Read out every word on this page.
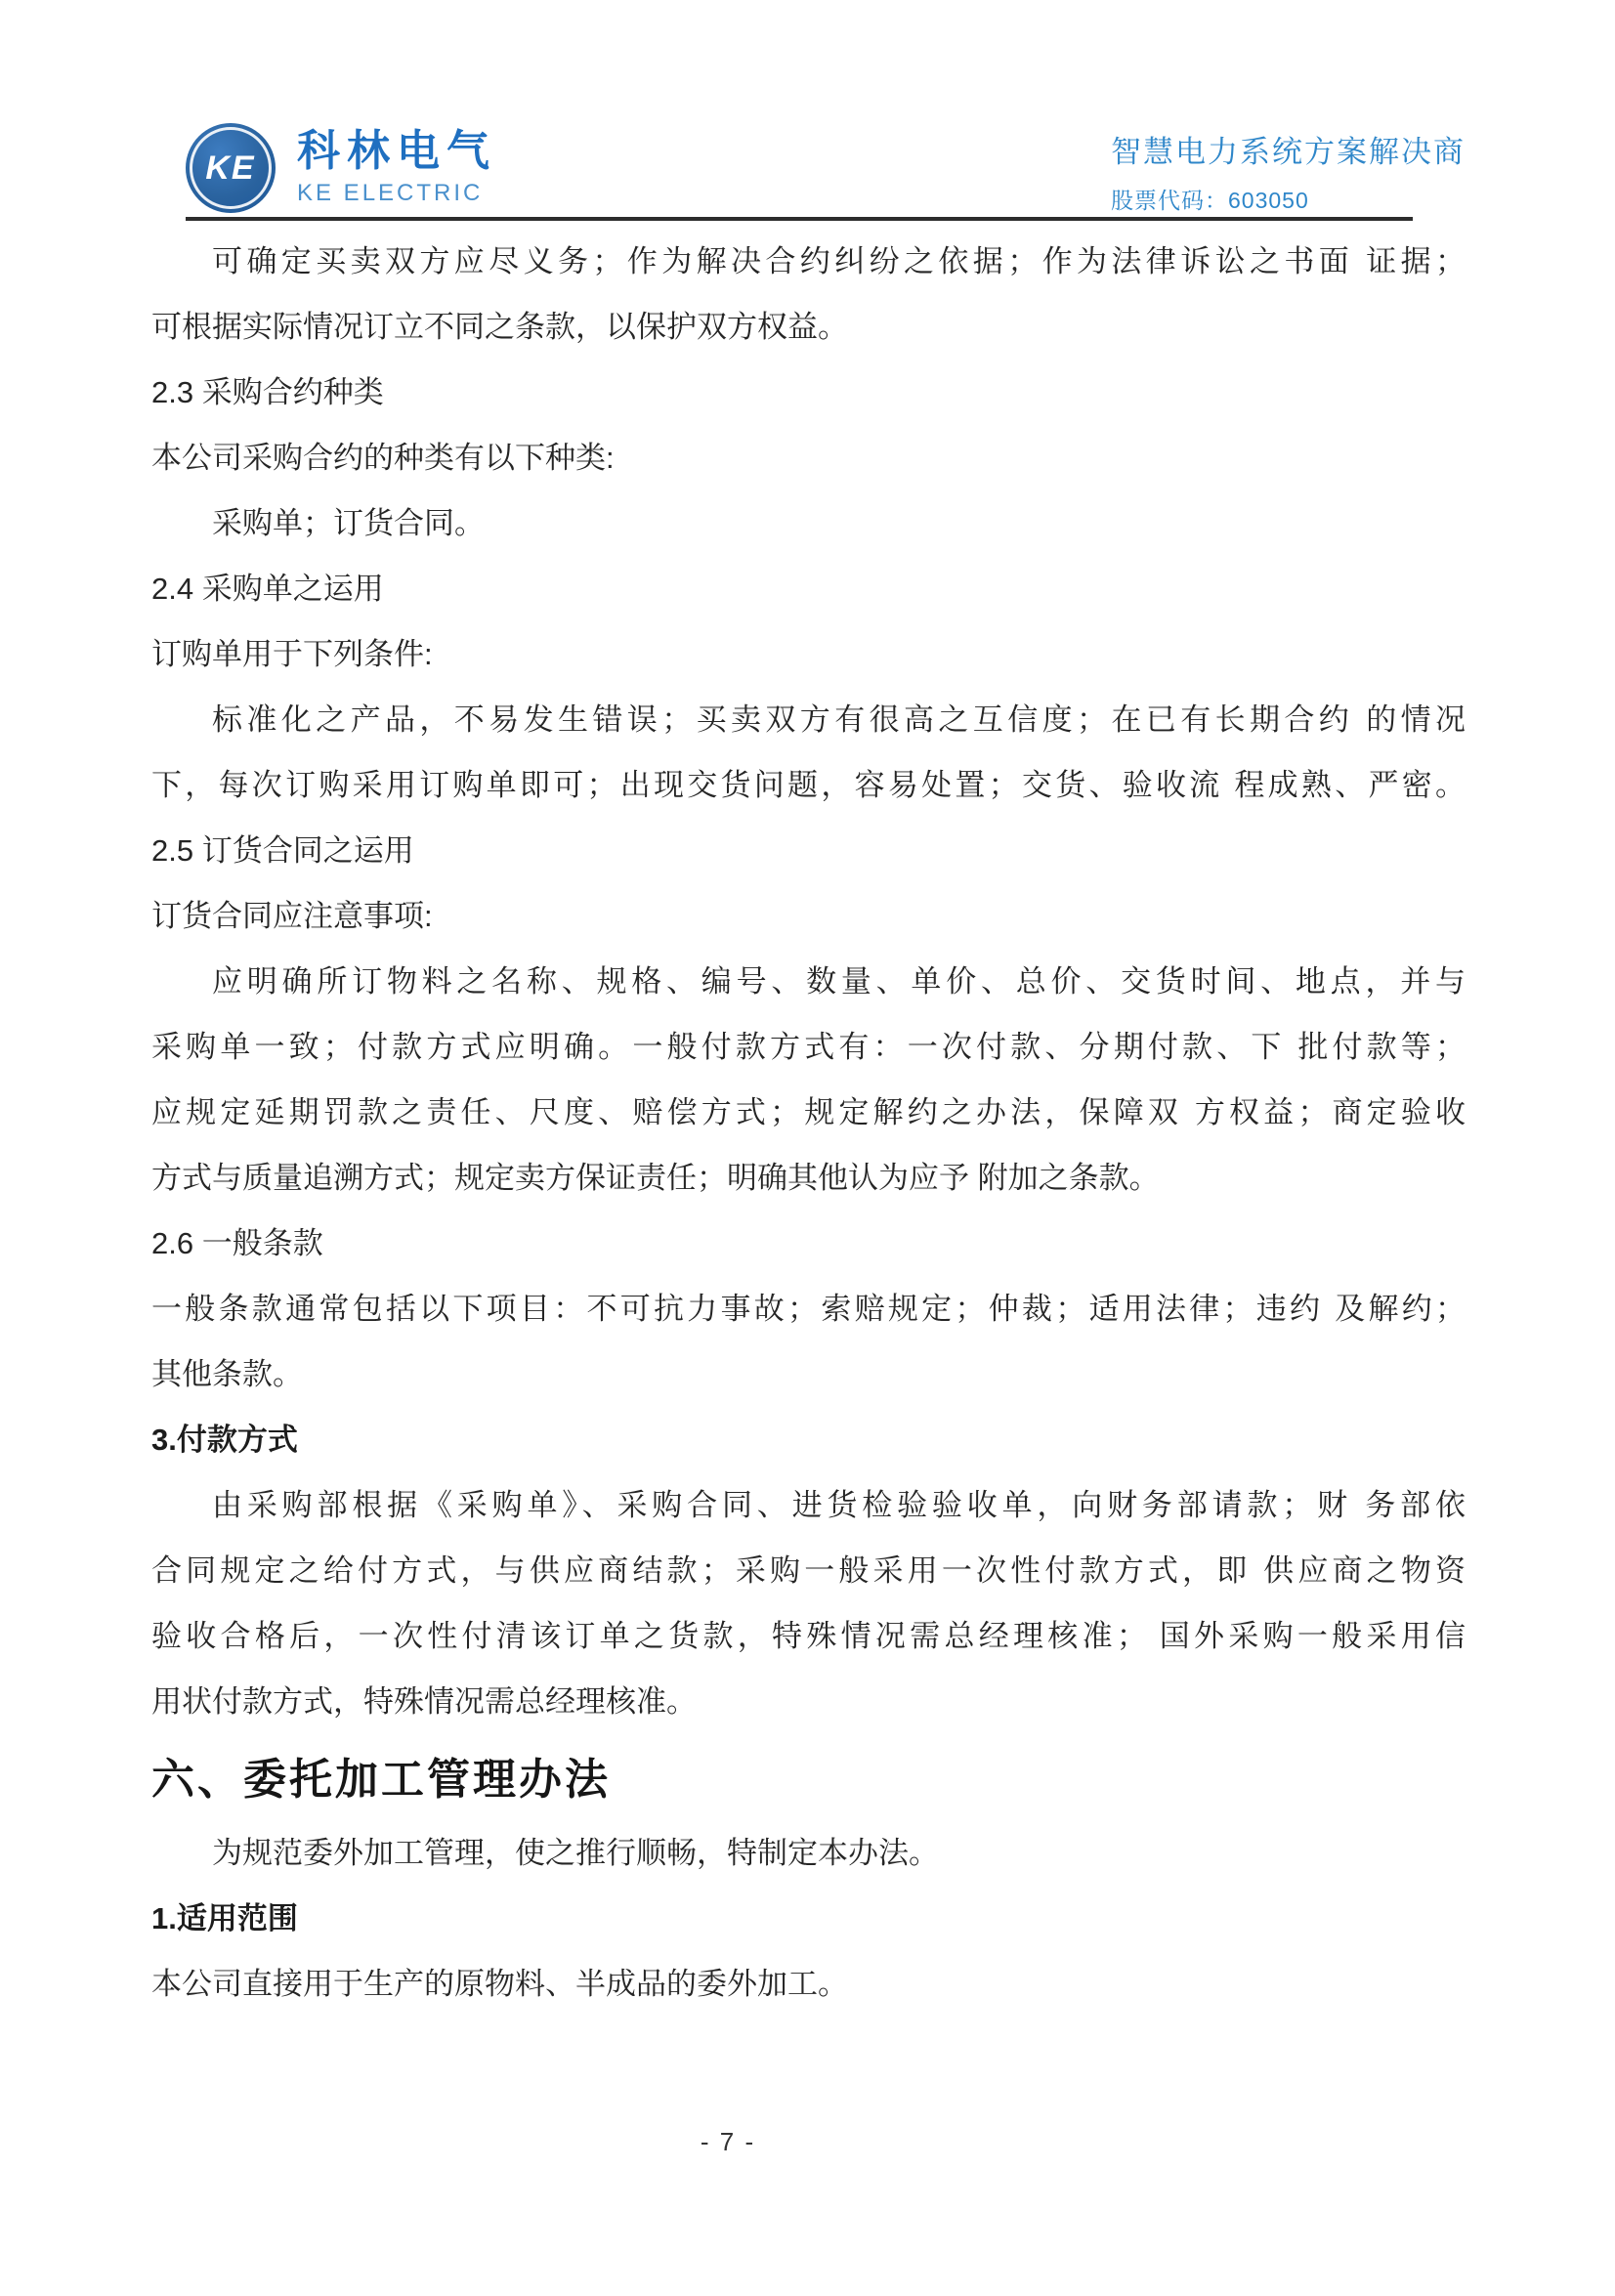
KE 科林电气
KE ELECTRIC
智慧电力系统方案解决商
股票代码：603050
可确定买卖双方应尽义务；作为解决合约纠纷之依据；作为法律诉讼之书面 证据；
可根据实际情况订立不同之条款，以保护双方权益。
2.3 采购合约种类
本公司采购合约的种类有以下种类:
采购单；订货合同。
2.4 采购单之运用
订购单用于下列条件:
标准化之产品，不易发生错误；买卖双方有很高之互信度；在已有长期合约 的情况
下，每次订购采用订购单即可；出现交货问题，容易处置；交货、验收流 程成熟、严密。
2.5 订货合同之运用
订货合同应注意事项:
应明确所订物料之名称、规格、编号、数量、单价、总价、交货时间、地点，并与
采购单一致；付款方式应明确。一般付款方式有：一次付款、分期付款、下 批付款等；
应规定延期罚款之责任、尺度、赔偿方式；规定解约之办法，保障双 方权益；商定验收
方式与质量追溯方式；规定卖方保证责任；明确其他认为应予 附加之条款。
2.6 一般条款
一般条款通常包括以下项目：不可抗力事故；索赔规定；仲裁；适用法律；违约 及解约；
其他条款。
3.付款方式
由采购部根据《采购单》、采购合同、进货检验验收单，向财务部请款；财 务部依
合同规定之给付方式，与供应商结款；采购一般采用一次性付款方式，即 供应商之物资
验收合格后，一次性付清该订单之货款，特殊情况需总经理核准； 国外采购一般采用信
用状付款方式，特殊情况需总经理核准。
六、委托加工管理办法
为规范委外加工管理，使之推行顺畅，特制定本办法。
1.适用范围
本公司直接用于生产的原物料、半成品的委外加工。
- 7 -
